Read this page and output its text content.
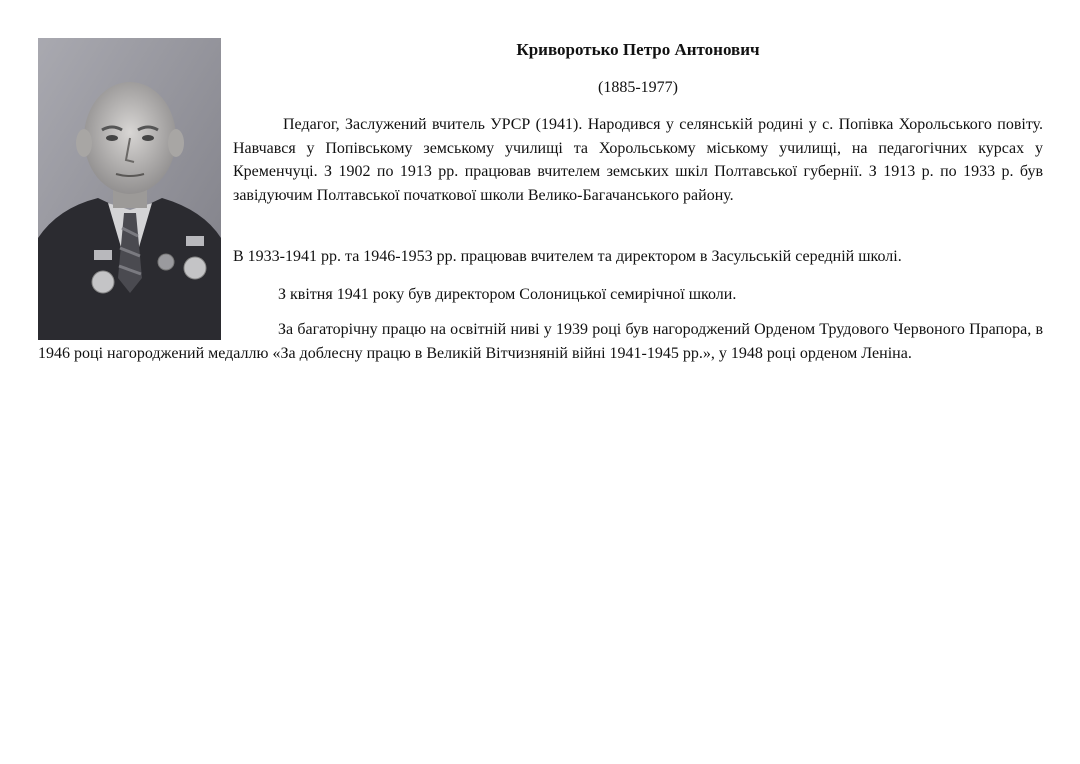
Криворотько Петро Антонович
(1885-1977)

Педагог, Заслужений вчитель УРСР (1941). Народився у селянській родині у с. Попівка Хорольського повіту. Навчався у Попівському земському училищі та Хорольському міському училищі, на педагогічних курсах у Кременчуці. З 1902 по 1913 рр. працював вчителем земських шкіл Полтавської губернії. З 1913 р. по 1933 р. був завідуючим Полтавської початкової школи Велико-Багачанського району.

В 1933-1941 рр. та 1946-1953 рр. працював вчителем та директором в Засульській середній школі.

З квітня 1941 року був директором Солоницької семирічної школи.

За багаторічну працю на освітній ниві у 1939 році був нагороджений Орденом Трудового Червоного Прапора, в 1946 році нагороджений медаллю «За доблесну працю в Великій Вітчизняній війні 1941-1945 рр.», у 1948 році орденом Леніна.
